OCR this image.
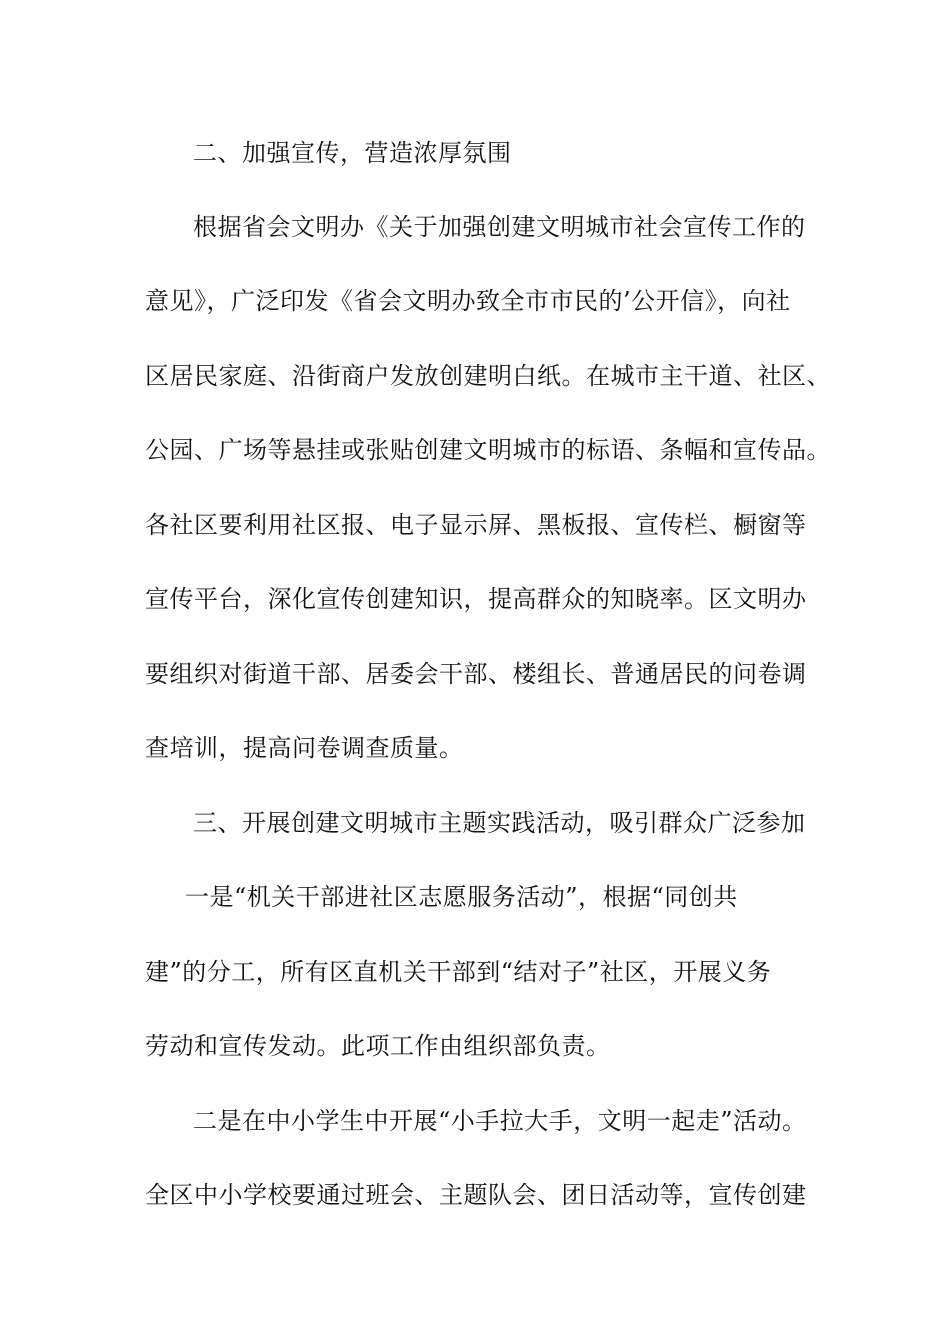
二、加强宣传，营造浓厚氛围
根据省会文明办《关于加强创建文明城市社会宣传工作的
意见》，广泛印发《省会文明办致全市市民的’公开信》，向社
区居民家庭、沿街商户发放创建明白纸。在城市主干道、社区、
公园、广场等悬挂或张贴创建文明城市的标语、条幅和宣传品。
各社区要利用社区报、电子显示屏、黑板报、宣传栏、橱窗等
宣传平台，深化宣传创建知识，提高群众的知晓率。区文明办
要组织对街道干部、居委会干部、楼组长、普通居民的问卷调
查培训，提高问卷调查质量。
三、开展创建文明城市主题实践活动，吸引群众广泛参加
一是“机关干部进社区志愿服务活动”，根据“同创共
建”的分工，所有区直机关干部到“结对子”社区，开展义务
劳动和宣传发动。此项工作由组织部负责。
二是在中小学生中开展“小手拉大手，文明一起走”活动。
全区中小学校要通过班会、主题队会、团日活动等，宣传创建
